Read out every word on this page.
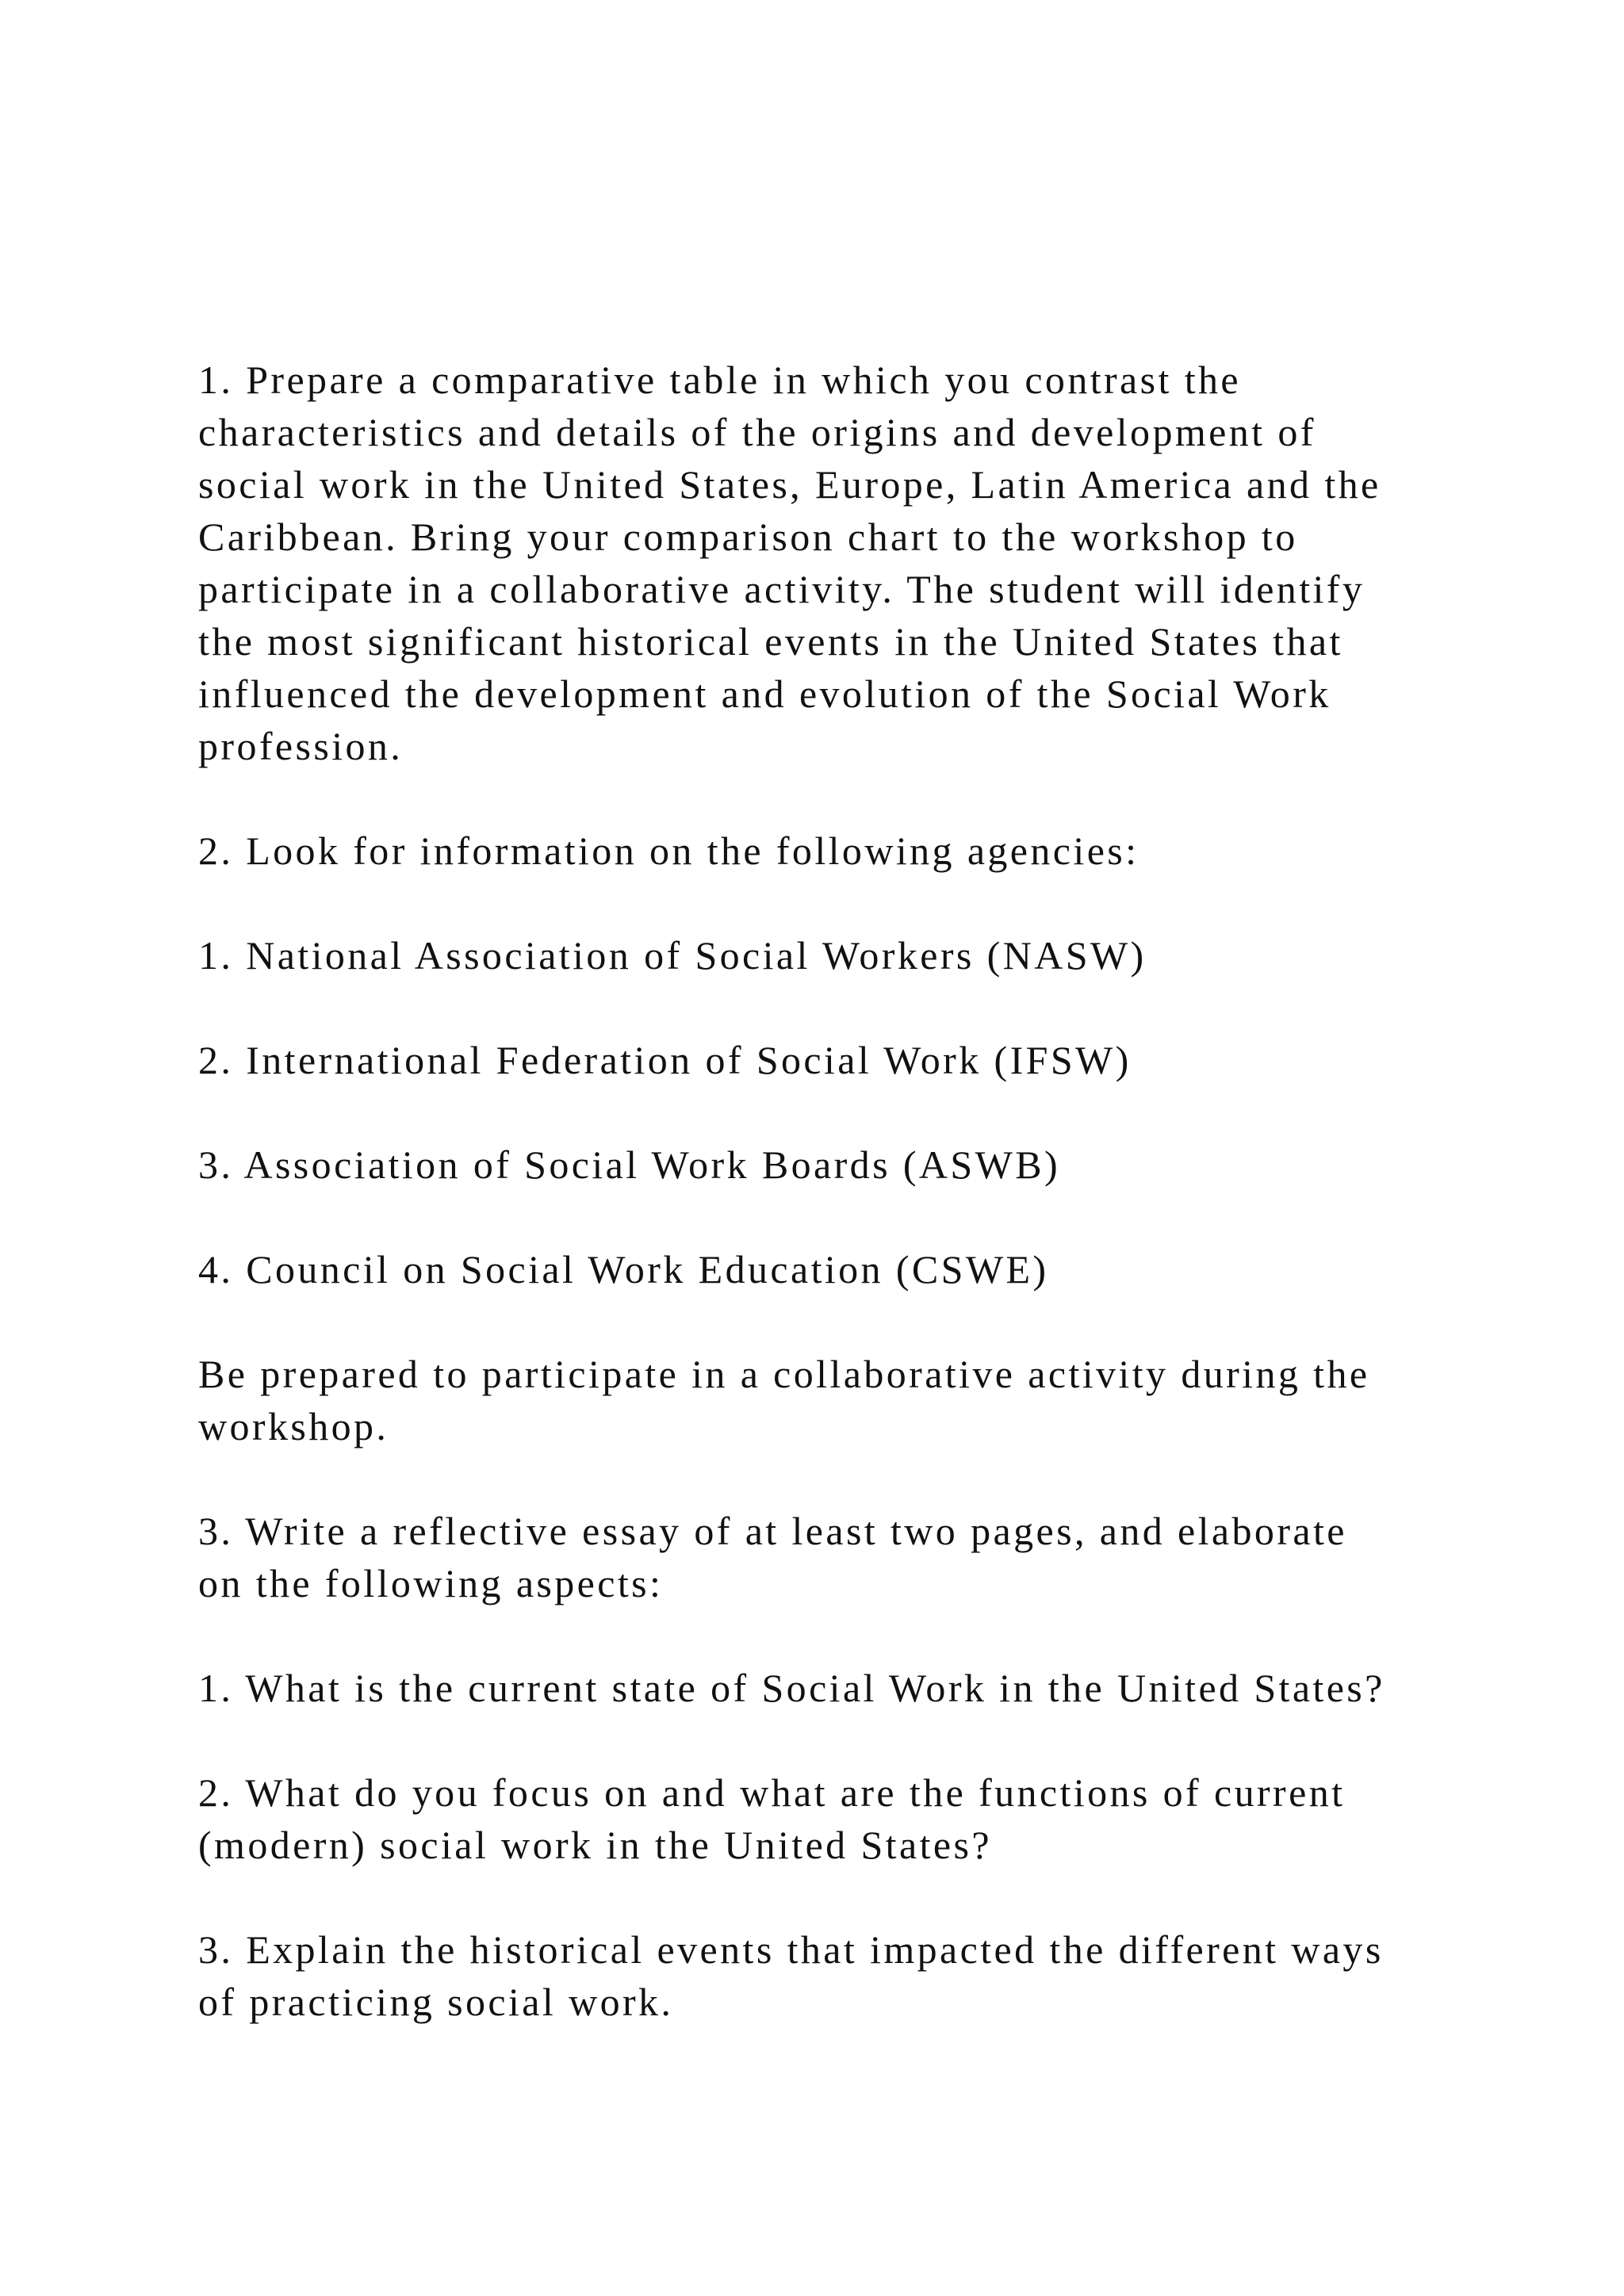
1. Prepare a comparative table in which you contrast the
characteristics and details of the origins and development of
social work in the United States, Europe, Latin America and the
Caribbean. Bring your comparison chart to the workshop to
participate in a collaborative activity. The student will identify
the most significant historical events in the United States that
influenced the development and evolution of the Social Work
profession.

2. Look for information on the following agencies:

1. National Association of Social Workers (NASW)

2. International Federation of Social Work (IFSW)

3. Association of Social Work Boards (ASWB)

4. Council on Social Work Education (CSWE)

Be prepared to participate in a collaborative activity during the
workshop.

3. Write a reflective essay of at least two pages, and elaborate
on the following aspects:

1. What is the current state of Social Work in the United States?

2. What do you focus on and what are the functions of current
(modern) social work in the United States?

3. Explain the historical events that impacted the different ways
of practicing social work.
